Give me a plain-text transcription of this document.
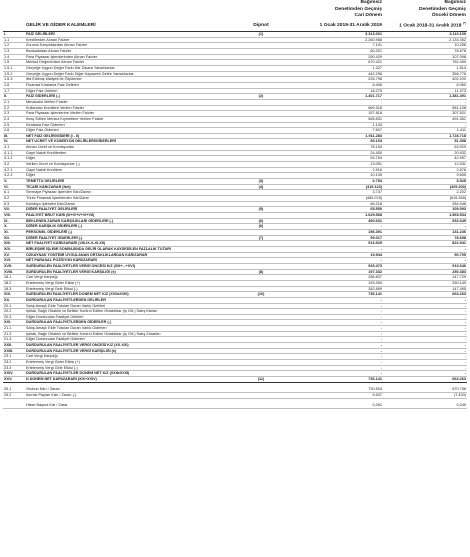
			Bağımsız	Bağımsız
			Denetimden Geçmiş	Denetimden Geçmiş
			Cari Dönem	Önceki Dönem
	GELİR VE GİDER KALEMLERİ	Dipnot	1 Ocak 2019-31 Aralık 2019	1 Ocak 2018-31 Aralık 2018 (*)
I.	FAİZ GELİRLERİ	(1)	3.313.001	3.110.109
1.1	Kredilerden Alınan Faizler		2.260.968	2.133.352
1.2	Zorunlu Karşılıklardan Alınan Faizler		7.101	10.258
1.3	Bankalardan Alınan Faizler		60.321	78.678
1.4	Para Piyasası İşlemlerinden Alınan Faizler		290.429	107.098
1.5	Menkul Değerlerden Alınan Faizler		670.421	762.490
1.5.1	Gerçeğe Uygun Değer Farkı Kâr Zarara Yansıtılanlar		1.327	1.514
1.5.2	Gerçeğe Uygun Değer Farkı Diğer Kapsamlı Gelire Yansıtılanlar		442.296	358.776
1.5.3	İtfa Edilmiş Maliyeti İle Ölçülenler		226.798	402.200
1.6	Finansal Kiralama Faiz Gelirleri		6.406	6.060
1.7	Diğer Faiz Gelirleri		18.275	11.973
II.	FAİZ GİDERLERİ (-)	(2)	1.401.717	1.381.391
2.1	Mevduata Verilen Faizler		-	-
2.2	Kullanılan Kredilere Verilen Faizler		669.318	581.108
2.3	Para Piyasası İşlemlerine Verilen Faizler		157.818	307.521
2.4	İhraç Edilen Menkul Kıymetlere Verilen Faizler		565.831	491.351
2.5	Kiralama Faiz Giderleri		1.143	-
2.6	Diğer Faiz Giderleri		7.607	1.411
III.	NET FAİZ GELİRİ/GİDERİ (I - II)		1.911.284	1.728.718
IV.	NET ÜCRET VE KOMİSYON GELİRLERİ/GİDERLERİ		65.103	51.398
4.1	Alınan Ücret ve Komisyonlar		78.154	63.929
4.1.1	Gayri Nakdi Kredilerden		24.400	20.932
4.1.2	Diğer		53.754	42.997
4.2	Verilen Ücret ve Komisyonlar (-)		13.051	12.531
4.2.1	Gayri Nakdi Kredilere		2.916	2.876
4.2.2	Diğer		10.135	9.655
V.	TEMETTÜ GELİRLERİ	(3)	6.754	5.525
VI.	TİCARİ KÂR/ZARAR (Net)	(4)	(419.123)	(329.200)
6.1	Sermaye Piyasası İşlemleri Kârı/Zararı		3.737	2.202
6.2	Türev Finansal İşlemlerden Kâr/Zarar		(489.078)	(616.348)
6.3	Kambiyo İşlemleri Kârı/Zararı		66.218	284.946
VII.	DİĞER FAALİYET GELİRLERİ	(5)	65.550	109.093
VIII.	FAALİYET BRÜT KÂRI (III+IV+V+VI+VII)		1.629.568	1.565.534
IX.	BEKLENEN ZARAR KARŞILIKLARI GİDERLERİ (-)	(6)	460.631	532.649
X.	DİĞER KARŞILIK GİDERLERİ (-)	(6)	-	-
XI.	PERSONEL GİDERLERİ (-)		156.391	131.246
XII.	DİĞER FAALİYET GİDERLERİ (-)	(7)	99.017	78.698
XIII.	NET FAALİYET KÂRI/ZARARI (VIII-IX-X-XI-XII)		913.529	822.941
XIV.	BİRLEŞME İŞLEMİ SONRASINDA GELİR OLARAK KAYDEDİLEN FAZLALIK TUTARI		-	-
XV.	ÖZKAYNAK YÖNTEMİ UYGULANAN ORTAKLIKLARDAN KÂR/ZARAR		19.944	90.705
XVI.	NET PARASAL POZİSYON KÂRI/ZARARI		-	-
XVII.	SÜRDÜRÜLEN FAALİYETLER VERGİ ÖNCESİ K/Z (XIII+...+XVI)		933.473	913.646
XVIII.	SÜRDÜRÜLEN FAALİYETLER VERGİ KARŞILIĞI (±)	(8)	197.332	250.383
18.1	Cari Vergi Karşılığı		286.837	147.729
18.2	Ertelenmiş Vergi Gider Etkisi (+)		193.394	250.149
18.3	Ertelenmiş Vergi Gelir Etkisi (-)		282.899	147.495
XIX.	SÜRDÜRÜLEN FAALİYETLER DÖNEM NET K/Z (XVII±XVIII)	(10)	736.141	663.263
XX.	DURDURULAN FAALİYETLERDEN GELİRLER		-	-
20.1	Satış Amaçlı Elde Tutulan Duran Varlık Gelirleri		-	-
20.2	İştirak, Bağlı Ortaklık ve Birlikte Kontrol Edilen Ortaklıklar (İş Ort.) Satış Kârları		-	-
20.3	Diğer Durdurulan Faaliyet Gelirleri		-	-
XXI.	DURDURULAN FAALİYETLERDEN GİDERLER (-)		-	-
21.1	Satış Amaçlı Elde Tutulan Duran Varlık Giderleri		-	-
21.2	İştirak, Bağlı Ortaklık ve Birlikte Kontrol Edilen Ortaklıklar (İş Ort.) Satış Zararları		-	-
21.3	Diğer Durdurulan Faaliyet Giderleri		-	-
XXII.	DURDURULAN FAALİYETLER VERGİ ÖNCESİ K/Z (XX-XXI)		-	-
XXIII.	DURDURULAN FAALİYETLER VERGİ KARŞILIĞI (±)		-	-
23.1	Cari Vergi Karşılığı		-	-
23.2	Ertelenmiş Vergi Gider Etkisi (+)		-	-
23.3	Ertelenmiş Vergi Gelir Etkisi (-)		-	-
XXIV.	DURDURULAN FAALİYETLER DÖNEM NET K/Z (XXII±XXIII)		-	-
XXV.	N DÖNEM NET KARI/ZARARI (XIX+XXIV)	(11)	736.141	663.263

25.1	Grubun Kârı / Zararı		730.504	670.756
25.2	Azınlık Payları Kârı / Zararı (-)		5.637	(7.493)

	Hisse Başına Kâr / Zarar		0,261	0,240
